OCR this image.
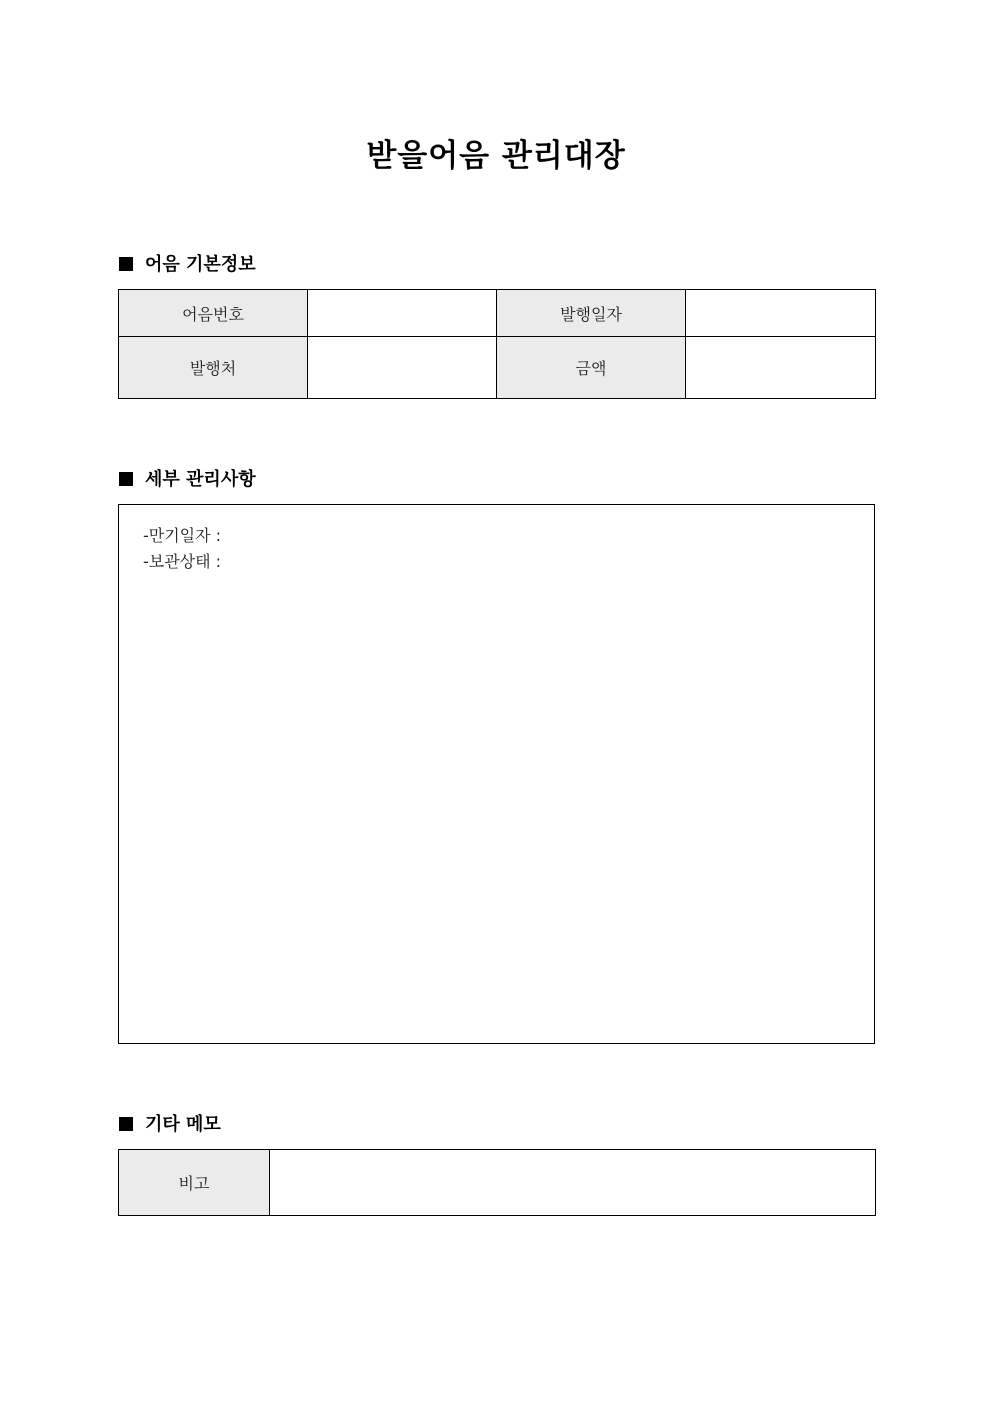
받을어음 관리대장
어음 기본정보
어음번호		발행일자	
발행처		금액	
세부 관리사항
-만기일자 :
-보관상태 :
기타 메모
비고	
